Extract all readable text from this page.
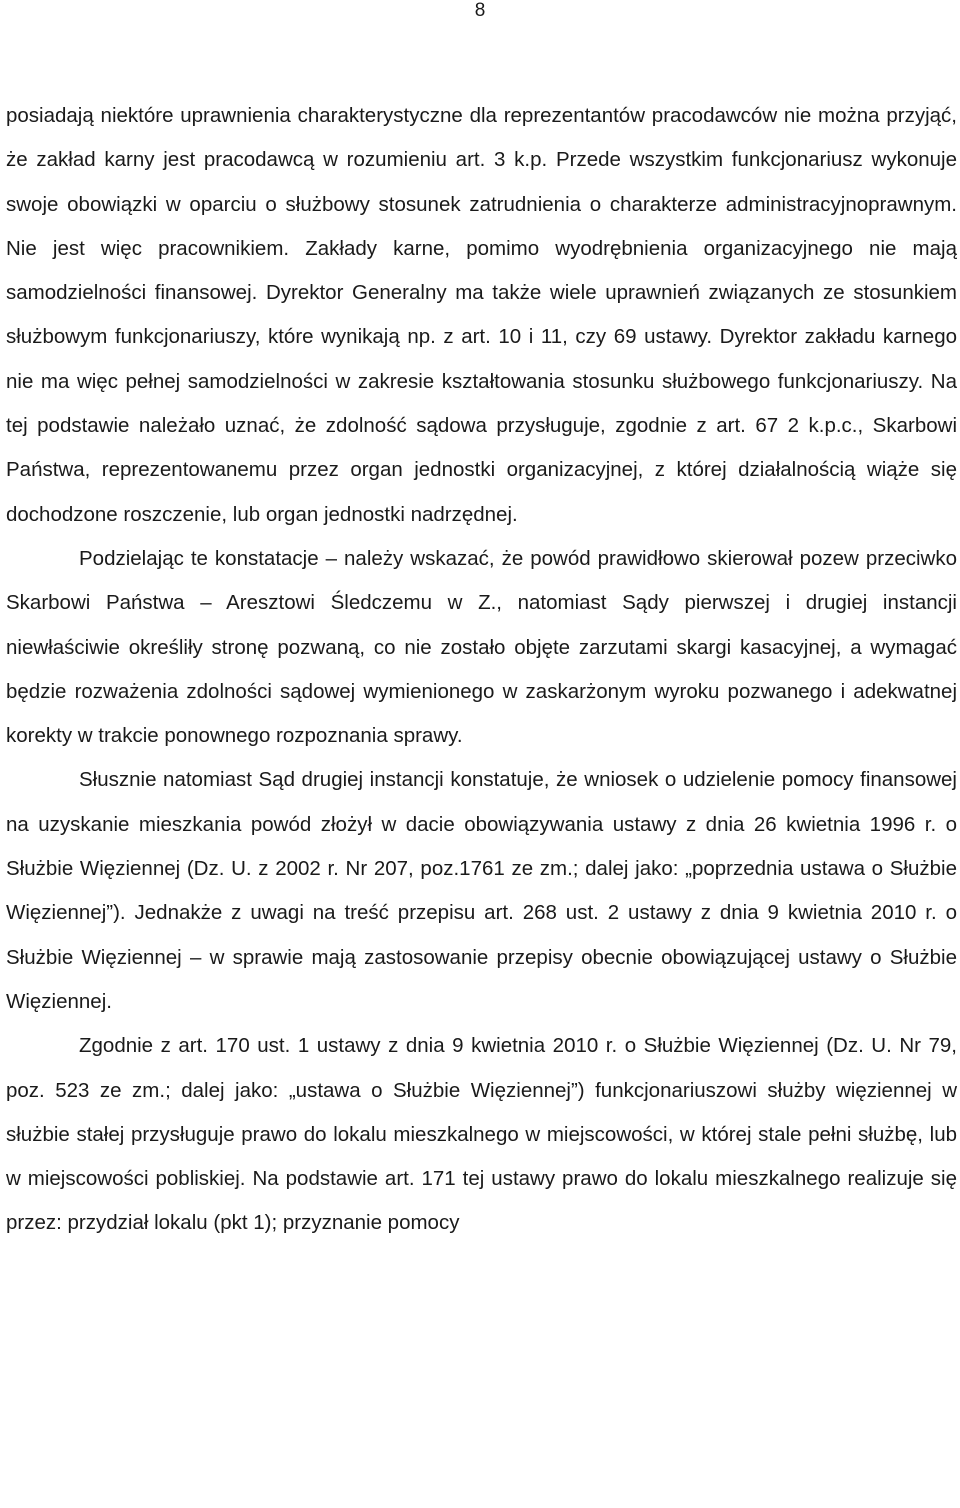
8

posiadają niektóre uprawnienia charakterystyczne dla reprezentantów pracodawców nie można przyjąć, że zakład karny jest pracodawcą w rozumieniu art. 3 k.p. Przede wszystkim funkcjonariusz wykonuje swoje obowiązki w oparciu o służbowy stosunek zatrudnienia o charakterze administracyjnoprawnym. Nie jest więc pracownikiem. Zakłady karne, pomimo wyodrębnienia organizacyjnego nie mają samodzielności finansowej. Dyrektor Generalny ma także wiele uprawnień związanych ze stosunkiem służbowym funkcjonariuszy, które wynikają np. z art. 10 i 11, czy 69 ustawy. Dyrektor zakładu karnego nie ma więc pełnej samodzielności w zakresie kształtowania stosunku służbowego funkcjonariuszy. Na tej podstawie należało uznać, że zdolność sądowa przysługuje, zgodnie z art. 67 2 k.p.c., Skarbowi Państwa, reprezentowanemu przez organ jednostki organizacyjnej, z której działalnością wiąże się dochodzone roszczenie, lub organ jednostki nadrzędnej.

Podzielając te konstatacje – należy wskazać, że powód prawidłowo skierował pozew przeciwko Skarbowi Państwa – Aresztowi Śledczemu w Z., natomiast Sądy pierwszej i drugiej instancji niewłaściwie określiły stronę pozwaną, co nie zostało objęte zarzutami skargi kasacyjnej, a wymagać będzie rozważenia zdolności sądowej wymienionego w zaskarżonym wyroku pozwanego i adekwatnej korekty w trakcie ponownego rozpoznania sprawy.

Słusznie natomiast Sąd drugiej instancji konstatuje, że wniosek o udzielenie pomocy finansowej na uzyskanie mieszkania powód złożył w dacie obowiązywania ustawy z dnia 26 kwietnia 1996 r. o Służbie Więziennej (Dz. U. z 2002 r. Nr 207, poz.1761 ze zm.; dalej jako: „poprzednia ustawa o Służbie Więziennej”). Jednakże z uwagi na treść przepisu art. 268 ust. 2 ustawy z dnia 9 kwietnia 2010 r. o Służbie Więziennej – w sprawie mają zastosowanie przepisy obecnie obowiązującej ustawy o Służbie Więziennej.

Zgodnie z art. 170 ust. 1 ustawy z dnia 9 kwietnia 2010 r. o Służbie Więziennej (Dz. U. Nr 79, poz. 523 ze zm.; dalej jako: „ustawa o Służbie Więziennej”) funkcjonariuszowi służby więziennej w służbie stałej przysługuje prawo do lokalu mieszkalnego w miejscowości, w której stale pełni służbę, lub w miejscowości pobliskiej. Na podstawie art. 171 tej ustawy prawo do lokalu mieszkalnego realizuje się przez: przydział lokalu (pkt 1); przyznanie pomocy
